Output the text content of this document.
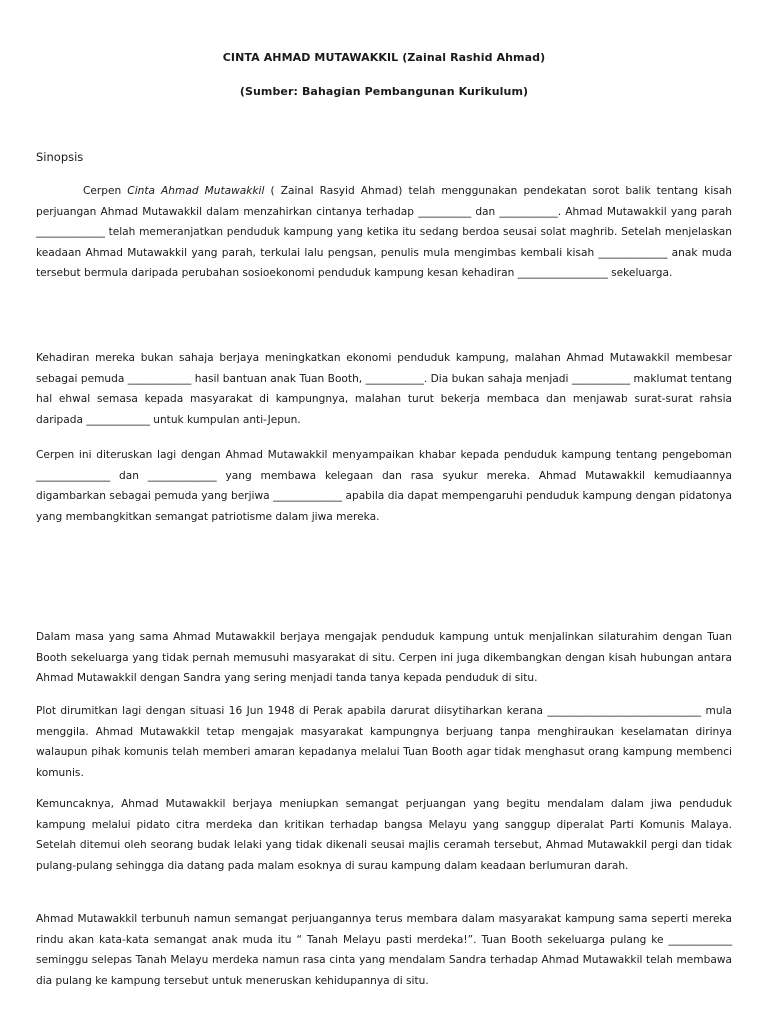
CINTA AHMAD MUTAWAKKIL (Zainal Rashid Ahmad)
(Sumber: Bahagian Pembangunan Kurikulum)
Sinopsis

Cerpen Cinta Ahmad Mutawakkil ( Zainal Rasyid Ahmad) telah menggunakan pendekatan sorot balik tentang kisah perjuangan Ahmad Mutawakkil dalam menzahirkan cintanya terhadap __________ dan ___________. Ahmad Mutawakkil yang parah _____________ telah memeranjatkan penduduk kampung yang ketika itu sedang berdoa seusai solat maghrib. Setelah menjelaskan keadaan Ahmad Mutawakkil yang parah, terkulai lalu pengsan, penulis mula mengimbas kembali kisah _____________ anak muda tersebut bermula daripada perubahan sosioekonomi penduduk kampung kesan kehadiran _________________ sekeluarga.

Kehadiran mereka bukan sahaja berjaya meningkatkan ekonomi penduduk kampung, malahan Ahmad Mutawakkil membesar sebagai pemuda ____________ hasil bantuan anak Tuan Booth, ___________. Dia bukan sahaja menjadi ___________ maklumat tentang hal ehwal semasa kepada masyarakat di kampungnya, malahan turut bekerja membaca dan menjawab surat-surat rahsia daripada ____________ untuk kumpulan anti-Jepun.

Cerpen ini diteruskan lagi dengan Ahmad Mutawakkil menyampaikan khabar kepada penduduk kampung tentang pengeboman ______________ dan _____________ yang membawa kelegaan dan rasa syukur mereka. Ahmad Mutawakkil kemudiaannya digambarkan sebagai pemuda yang berjiwa _____________ apabila dia dapat mempengaruhi penduduk kampung dengan pidatonya yang membangkitkan semangat patriotisme dalam jiwa mereka.

Dalam masa yang sama Ahmad Mutawakkil berjaya mengajak penduduk kampung untuk menjalinkan silaturahim dengan Tuan Booth sekeluarga yang tidak pernah memusuhi masyarakat di situ. Cerpen ini juga dikembangkan dengan kisah hubungan antara Ahmad Mutawakkil dengan Sandra yang sering menjadi tanda tanya kepada penduduk di situ.

Plot dirumitkan lagi dengan situasi 16 Jun 1948 di Perak apabila darurat diisytiharkan kerana _____________________________ mula menggila. Ahmad Mutawakkil tetap mengajak masyarakat kampungnya berjuang tanpa menghiraukan keselamatan dirinya walaupun pihak komunis telah memberi amaran kepadanya melalui Tuan Booth agar tidak menghasut orang kampung membenci komunis.

Kemuncaknya, Ahmad Mutawakkil berjaya meniupkan semangat perjuangan yang begitu mendalam dalam jiwa penduduk kampung melalui pidato citra merdeka dan kritikan terhadap bangsa Melayu yang sanggup diperalat Parti Komunis Malaya. Setelah ditemui oleh seorang budak lelaki yang tidak dikenali seusai majlis ceramah tersebut, Ahmad Mutawakkil pergi dan tidak pulang-pulang sehingga dia datang pada malam esoknya di surau kampung dalam keadaan berlumuran darah.

Ahmad Mutawakkil terbunuh namun semangat perjuangannya terus membara dalam masyarakat kampung sama seperti mereka rindu akan kata-kata semangat anak muda itu “ Tanah Melayu pasti merdeka!”. Tuan Booth sekeluarga pulang ke ____________ seminggu selepas Tanah Melayu merdeka namun rasa cinta yang mendalam Sandra terhadap Ahmad Mutawakkil telah membawa dia pulang ke kampung tersebut untuk meneruskan kehidupannya di situ.
